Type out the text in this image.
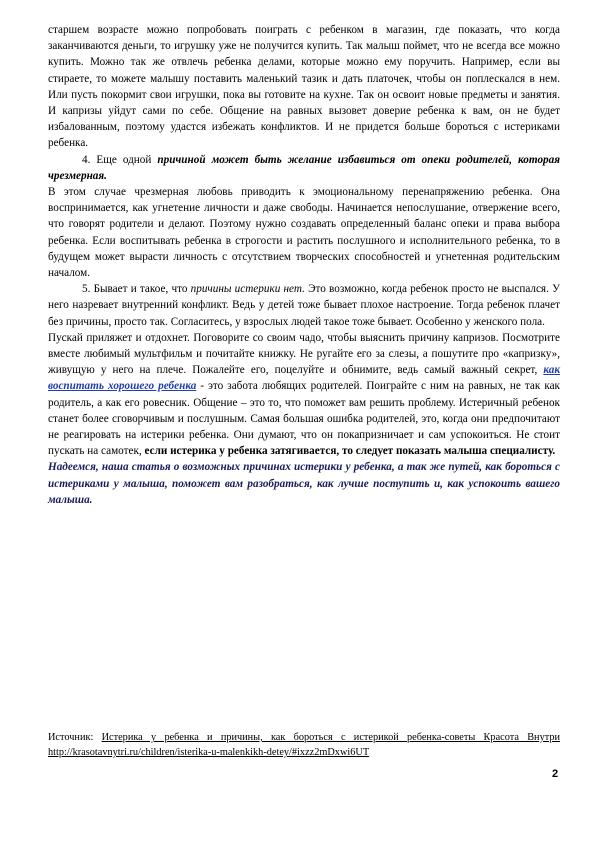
старшем возрасте можно попробовать поиграть с ребенком в магазин, где показать, что когда заканчиваются деньги, то игрушку уже не получится купить. Так малыш поймет, что не всегда все можно купить. Можно так же отвлечь ребенка делами, которые можно ему поручить. Например, если вы стираете, то можете малышу поставить маленький тазик и дать платочек, чтобы он поплескался в нем. Или пусть покормит свои игрушки, пока вы готовите на кухне. Так он освоит новые предметы и занятия. И капризы уйдут сами по себе. Общение на равных вызовет доверие ребенка к вам, он не будет избалованным, поэтому удастся избежать конфликтов. И не придется больше бороться с истериками ребенка.

4. Еще одной причиной может быть желание избавиться от опеки родителей, которая чрезмерная.

В этом случае чрезмерная любовь приводить к эмоциональному перенапряжению ребенка. Она воспринимается, как угнетение личности и даже свободы. Начинается непослушание, отвержение всего, что говорят родители и делают. Поэтому нужно создавать определенный баланс опеки и права выбора ребенка. Если воспитывать ребенка в строгости и растить послушного и исполнительного ребенка, то в будущем может вырасти личность с отсутствием творческих способностей и угнетенная родительским началом.

5. Бывает и такое, что причины истерики нет. Это возможно, когда ребенок просто не выспался. У него назревает внутренний конфликт. Ведь у детей тоже бывает плохое настроение. Тогда ребенок плачет без причины, просто так. Согласитесь, у взрослых людей такое тоже бывает. Особенно у женского пола.

Пускай приляжет и отдохнет. Поговорите со своим чадо, чтобы выяснить причину капризов. Посмотрите вместе любимый мультфильм и почитайте книжку. Не ругайте его за слезы, а пошутите про «капризку», живущую у него на плече. Пожалейте его, поцелуйте и обнимите, ведь самый важный секрет, как воспитать хорошего ребенка - это забота любящих родителей. Поиграйте с ним на равных, не так как родитель, а как его ровесник. Общение – это то, что поможет вам решить проблему. Истеричный ребенок станет более сговорчивым и послушным. Самая большая ошибка родителей, это, когда они предпочитают не реагировать на истерики ребенка. Они думают, что он покапризничает и сам успокоиться. Не стоит пускать на самотек, если истерика у ребенка затягивается, то следует показать малыша специалисту.

Надеемся, наша статья о возможных причинах истерики у ребенка, а так же путей, как бороться с истериками у малыша, поможет вам разобраться, как лучше поступить и, как успокоить вашего малыша.

Источник: Истерика у ребенка и причины, как бороться с истерикой ребенка-советы Красота Внутри http://krasotavnytri.ru/children/isterika-u-malenkikh-detey/#ixzz2mDxwi6UT
2
